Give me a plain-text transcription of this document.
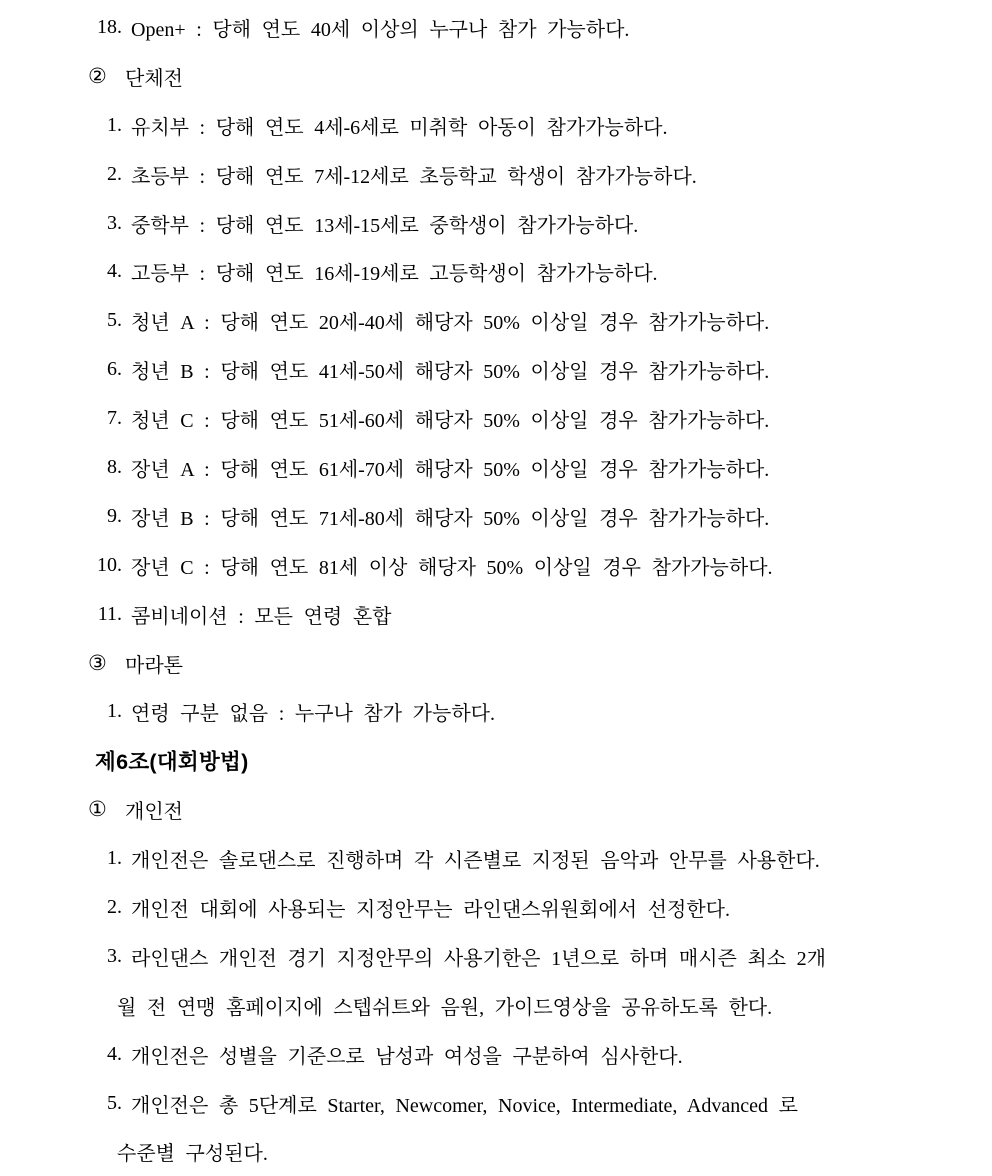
18. Open+ : 당해 연도 40세 이상의 누구나 참가 가능하다.
② 단체전
1. 유치부 : 당해 연도 4세-6세로 미취학 아동이 참가가능하다.
2. 초등부 : 당해 연도 7세-12세로 초등학교 학생이 참가가능하다.
3. 중학부 : 당해 연도 13세-15세로 중학생이 참가가능하다.
4. 고등부 : 당해 연도 16세-19세로 고등학생이 참가가능하다.
5. 청년 A : 당해 연도 20세-40세 해당자 50% 이상일 경우 참가가능하다.
6. 청년 B : 당해 연도 41세-50세 해당자 50% 이상일 경우 참가가능하다.
7. 청년 C : 당해 연도 51세-60세 해당자 50% 이상일 경우 참가가능하다.
8. 장년 A : 당해 연도 61세-70세 해당자 50% 이상일 경우 참가가능하다.
9. 장년 B : 당해 연도 71세-80세 해당자 50% 이상일 경우 참가가능하다.
10. 장년 C : 당해 연도 81세 이상 해당자 50% 이상일 경우 참가가능하다.
11. 콤비네이션 : 모든 연령 혼합
③ 마라톤
1. 연령 구분 없음 : 누구나 참가 가능하다.
제6조(대회방법)
① 개인전
1. 개인전은 솔로댄스로 진행하며 각 시즌별로 지정된 음악과 안무를 사용한다.
2. 개인전 대회에 사용되는 지정안무는 라인댄스위원회에서 선정한다.
3. 라인댄스 개인전 경기 지정안무의 사용기한은 1년으로 하며 매시즌 최소 2개
월 전 연맹 홈페이지에 스텝쉬트와 음원, 가이드영상을 공유하도록 한다.
4. 개인전은 성별을 기준으로 남성과 여성을 구분하여 심사한다.
5. 개인전은 총 5단계로 Starter, Newcomer, Novice, Intermediate, Advanced 로
수준별 구성된다.
